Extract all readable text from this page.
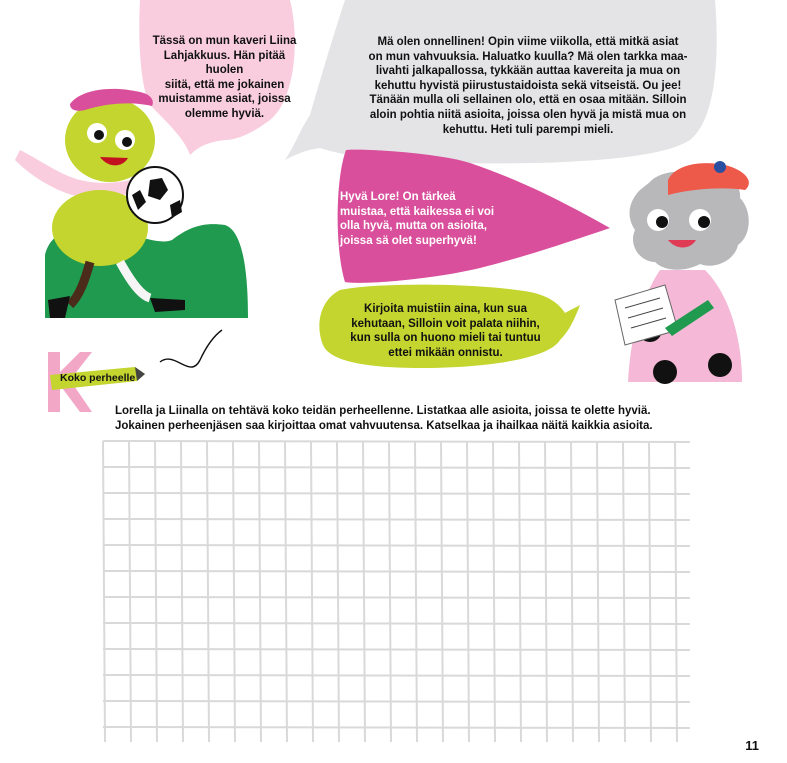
Tässä on mun kaveri Liina
Lahjakkuus. Hän pitää huolen
siitä, että me jokainen
muistamme asiat, joissa
olemme hyviä.

Mä olen onnellinen! Opin viime viikolla, että mitkä asiat
on mun vahvuuksia. Haluatko kuulla? Mä olen tarkka maa-
livahti jalkapallossa, tykkään auttaa kavereita ja mua on
kehuttu hyvistä piirustustaidoista sekä vitseistä. Ou jee!
Tänään mulla oli sellainen olo, että en osaa mitään. Silloin
aloin pohtia niitä asioita, joissa olen hyvä ja mistä mua on
kehuttu. Heti tuli parempi mieli.

Hyvä Lore! On tärkeä
muistaa, että kaikessa ei voi
olla hyvä, mutta on asioita,
joissa sä olet superhyvä!

Kirjoita muistiin aina, kun sua
kehutaan, Silloin voit palata niihin,
kun sulla on huono mieli tai tuntuu
ettei mikään onnistu.

Koko perheelle

Lorella ja Liinalla on tehtävä koko teidän perheellenne. Listatkaa alle asioita, joissa te olette hyviä.
Jokainen perheenjäsen saa kirjoittaa omat vahvuutensa. Katselkaa ja ihailkaa näitä kaikkia asioita.

11
